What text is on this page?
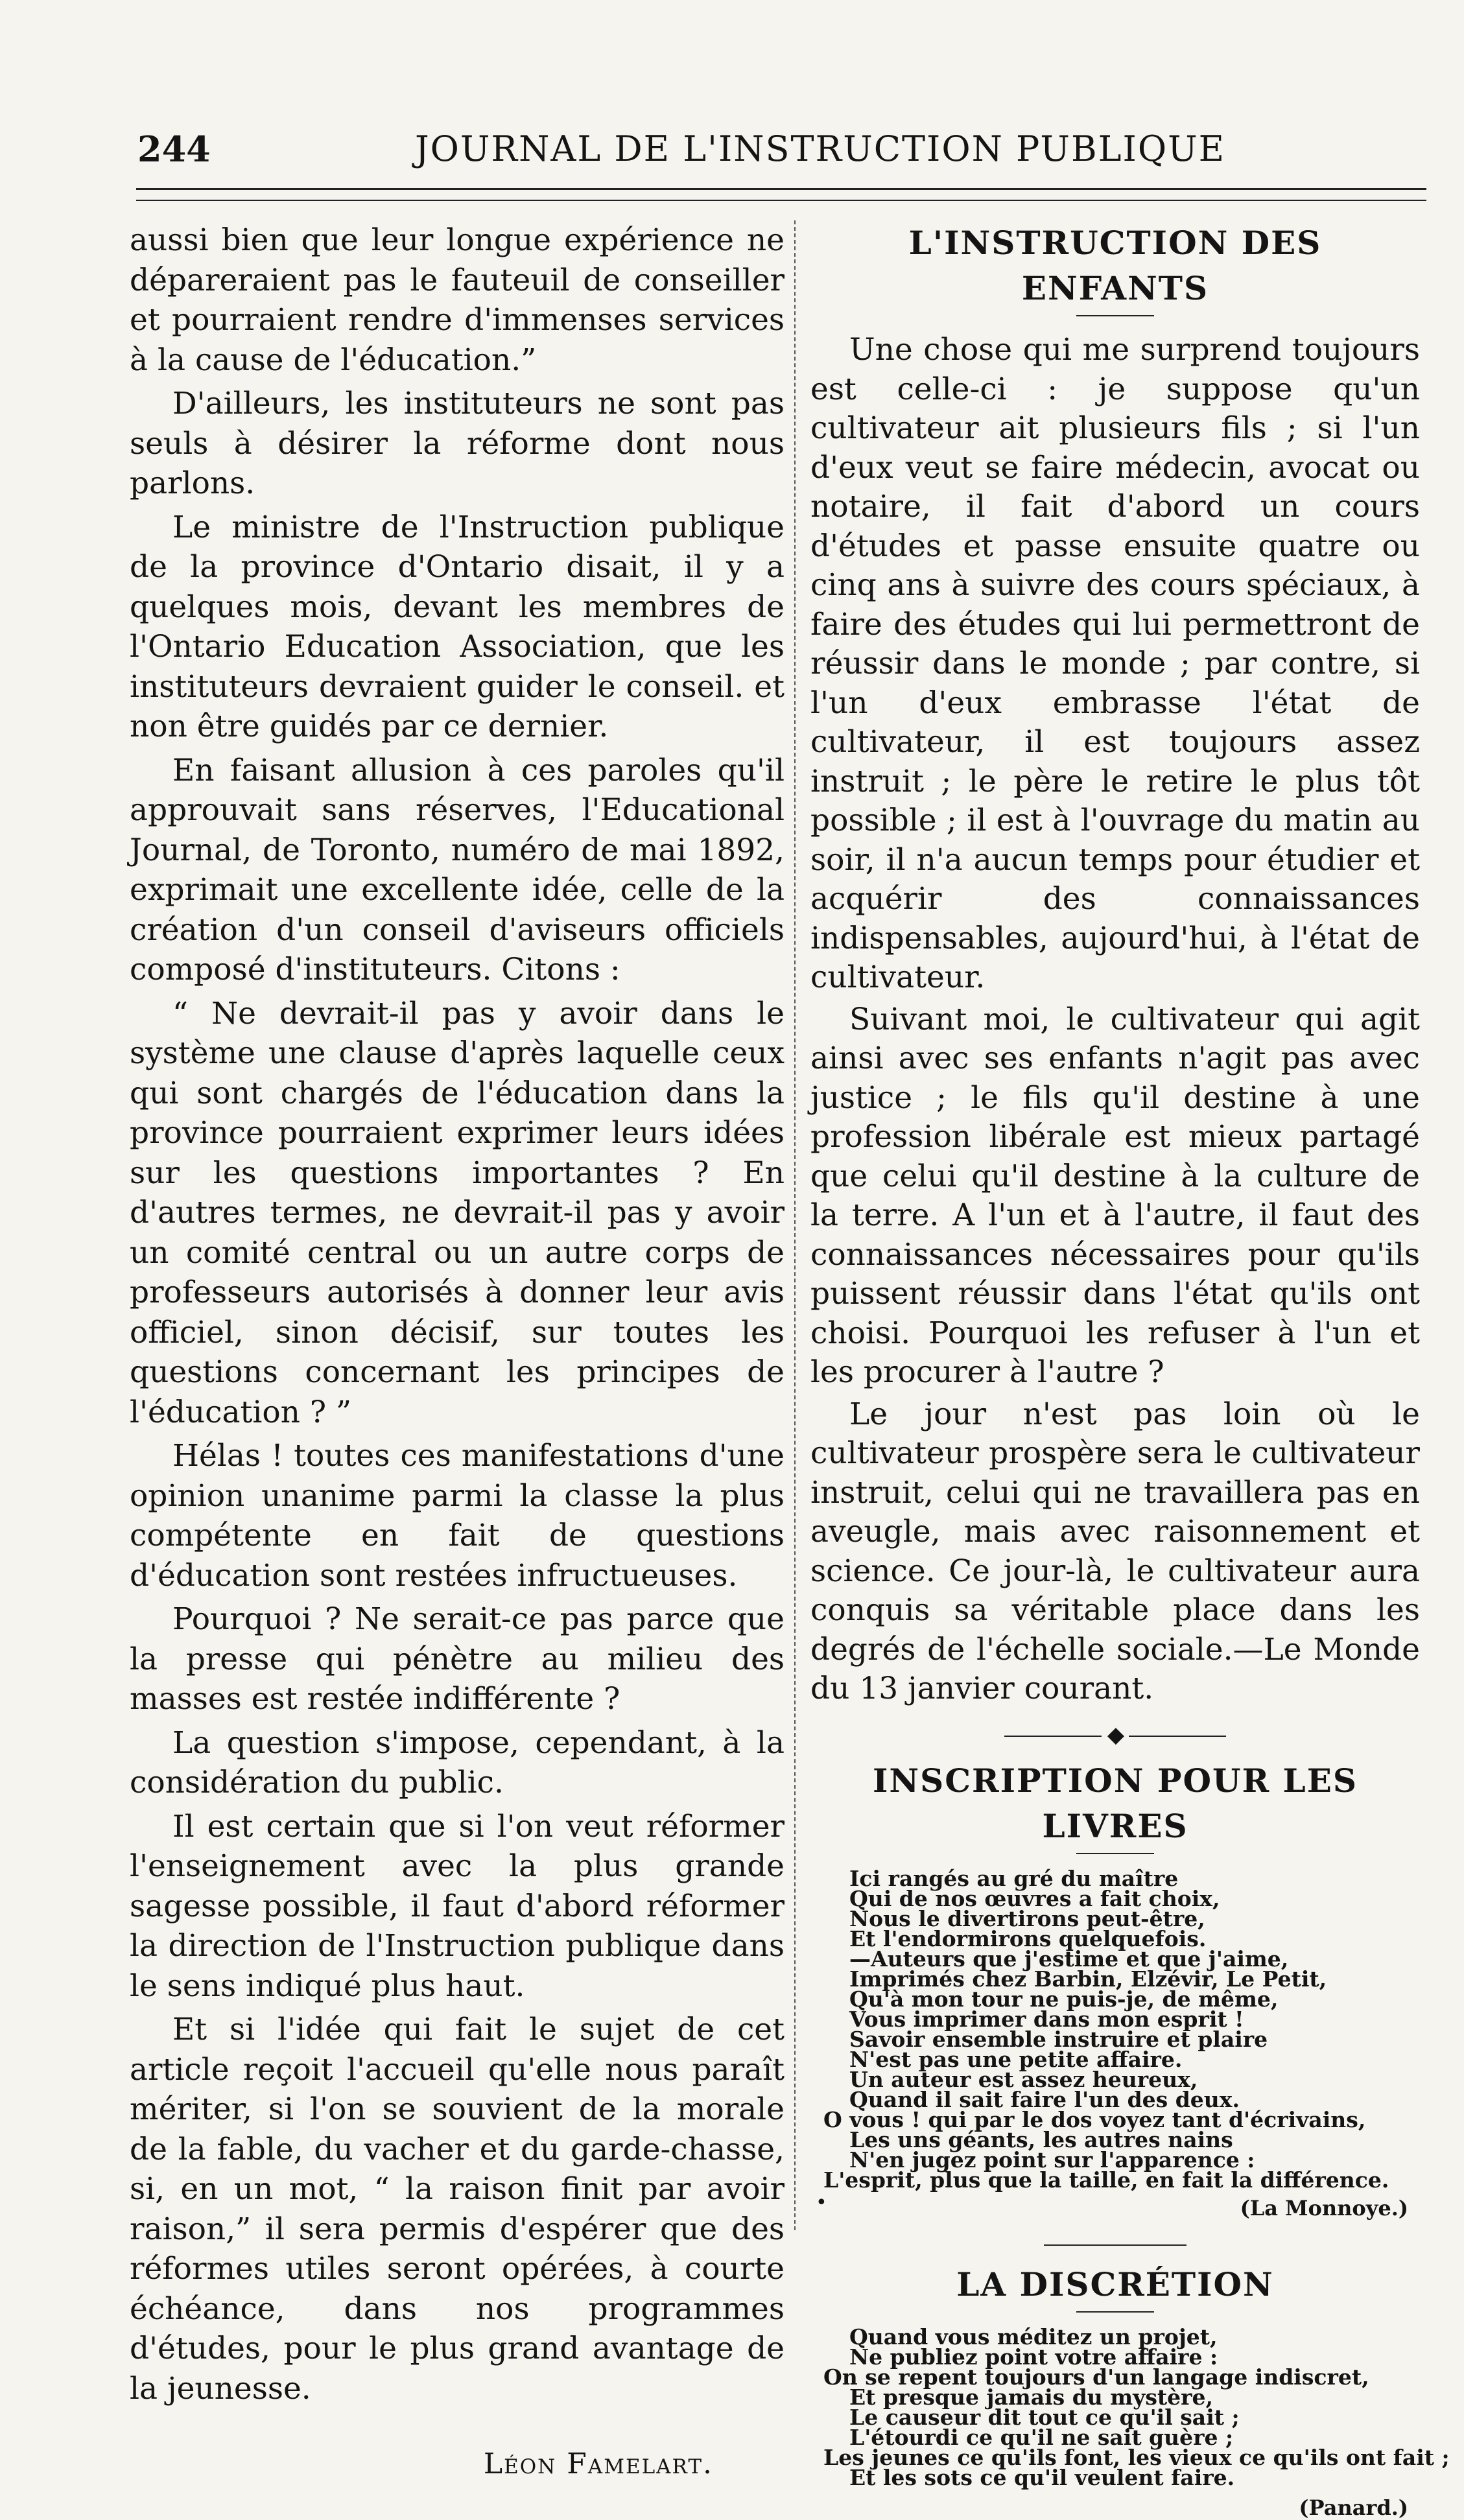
244	JOURNAL DE L'INSTRUCTION PUBLIQUE

aussi bien que leur longue expérience ne dépareraient pas le fauteuil de conseiller et pourraient rendre d'immenses services à la cause de l'éducation.”

D'ailleurs, les instituteurs ne sont pas seuls à désirer la réforme dont nous parlons.

Le ministre de l'Instruction publique de la province d'Ontario disait, il y a quelques mois, devant les membres de l'Ontario Education Association, que les instituteurs devraient guider le conseil. et non être guidés par ce dernier.

En faisant allusion à ces paroles qu'il approuvait sans réserves, l'Educational Journal, de Toronto, numéro de mai 1892, exprimait une excellente idée, celle de la création d'un conseil d'aviseurs officiels composé d'instituteurs. Citons :

“ Ne devrait-il pas y avoir dans le système une clause d'après laquelle ceux qui sont chargés de l'éducation dans la province pourraient exprimer leurs idées sur les questions importantes ? En d'autres termes, ne devrait-il pas y avoir un comité central ou un autre corps de professeurs autorisés à donner leur avis officiel, sinon décisif, sur toutes les questions concernant les principes de l'éducation ? ”

Hélas ! toutes ces manifestations d'une opinion unanime parmi la classe la plus compétente en fait de questions d'éducation sont restées infructueuses.

Pourquoi ? Ne serait-ce pas parce que la presse qui pénètre au milieu des masses est restée indifférente ?

La question s'impose, cependant, à la considération du public.

Il est certain que si l'on veut réformer l'enseignement avec la plus grande sagesse possible, il faut d'abord réformer la direction de l'Instruction publique dans le sens indiqué plus haut.

Et si l'idée qui fait le sujet de cet article reçoit l'accueil qu'elle nous paraît mériter, si l'on se souvient de la morale de la fable, du vacher et du garde-chasse, si, en un mot, “ la raison finit par avoir raison,” il sera permis d'espérer que des réformes utiles seront opérées, à courte échéance, dans nos programmes d'études, pour le plus grand avantage de la jeunesse.

Léon Famelart.
L'INSTRUCTION DES ENFANTS

Une chose qui me surprend toujours est celle-ci : je suppose qu'un cultivateur ait plusieurs fils ; si l'un d'eux veut se faire médecin, avocat ou notaire, il fait d'abord un cours d'études et passe ensuite quatre ou cinq ans à suivre des cours spéciaux, à faire des études qui lui permettront de réussir dans le monde ; par contre, si l'un d'eux embrasse l'état de cultivateur, il est toujours assez instruit ; le père le retire le plus tôt possible ; il est à l'ouvrage du matin au soir, il n'a aucun temps pour étudier et acquérir des connaissances indispensables, aujourd'hui, à l'état de cultivateur.

Suivant moi, le cultivateur qui agit ainsi avec ses enfants n'agit pas avec justice ; le fils qu'il destine à une profession libérale est mieux partagé que celui qu'il destine à la culture de la terre. A l'un et à l'autre, il faut des connaissances nécessaires pour qu'ils puissent réussir dans l'état qu'ils ont choisi. Pourquoi les refuser à l'un et les procurer à l'autre ?

Le jour n'est pas loin où le cultivateur prospère sera le cultivateur instruit, celui qui ne travaillera pas en aveugle, mais avec raisonnement et science. Ce jour-là, le cultivateur aura conquis sa véritable place dans les degrés de l'échelle sociale.—Le Monde du 13 janvier courant.

◆
INSCRIPTION POUR LES LIVRES
Ici rangés au gré du maître
Qui de nos œuvres a fait choix,
Nous le divertirons peut-être,
Et l'endormirons quelquefois.
—Auteurs que j'estime et que j'aime,
Imprimés chez Barbin, Elzévir, Le Petit,
Qu'à mon tour ne puis-je, de même,
Vous imprimer dans mon esprit !
Savoir ensemble instruire et plaire
N'est pas une petite affaire.
Un auteur est assez heureux,
Quand il sait faire l'un des deux.
O vous ! qui par le dos voyez tant d'écrivains,
Les uns géants, les autres nains
N'en jugez point sur l'apparence :
L'esprit, plus que la taille, en fait la différence.
•	(La Monnoye.)
LA DISCRÉTION
Quand vous méditez un projet,
Ne publiez point votre affaire :
On se repent toujours d'un langage indiscret,
Et presque jamais du mystère,
Le causeur dit tout ce qu'il sait ;
L'étourdi ce qu'il ne sait guère ;
Les jeunes ce qu'ils font, les vieux ce qu'ils ont fait ;
Et les sots ce qu'il veulent faire.
(Panard.)
